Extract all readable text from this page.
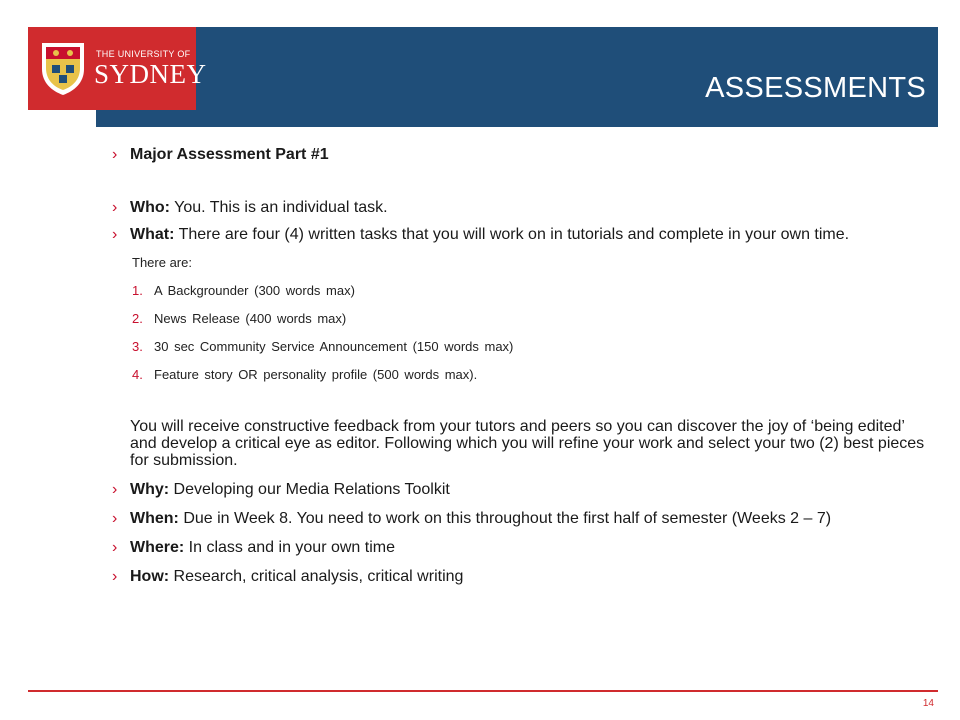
THE UNIVERSITY OF
SYDNEY	ASSESSMENTS
› Major Assessment Part #1
› Who: You. This is an individual task.
› What: There are four (4) written tasks that you will work on in tutorials and complete in your own time.
There are:
1. A Backgrounder (300 words max)
2. News Release (400 words max)
3. 30 sec Community Service Announcement (150 words max)
4. Feature story OR personality profile (500 words max).
You will receive constructive feedback from your tutors and peers so you can discover the joy of ‘being edited’ and develop a critical eye as editor. Following which you will refine your work and select your two (2) best pieces for submission.
› Why: Developing our Media Relations Toolkit
› When: Due in Week 8. You need to work on this throughout the first half of semester (Weeks 2 – 7)
› Where: In class and in your own time
› How: Research, critical analysis, critical writing
14
